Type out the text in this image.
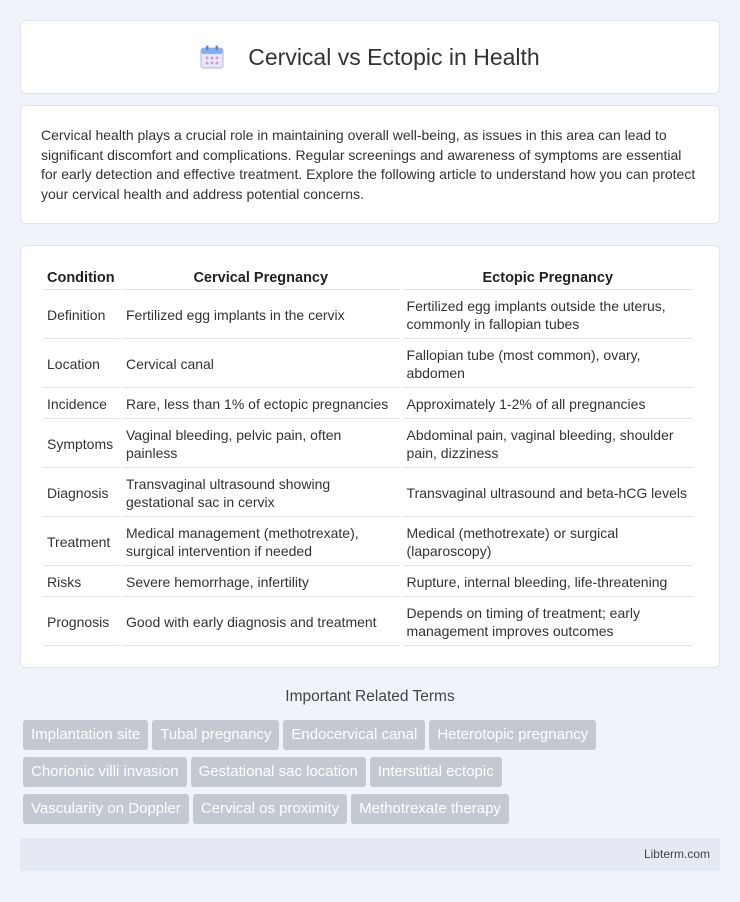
Cervical vs Ectopic in Health

Cervical health plays a crucial role in maintaining overall well-being, as issues in this area can lead to significant discomfort and complications. Regular screenings and awareness of symptoms are essential for early detection and effective treatment. Explore the following article to understand how you can protect your cervical health and address potential concerns.

Condition	Cervical Pregnancy	Ectopic Pregnancy
Definition	Fertilized egg implants in the cervix	Fertilized egg implants outside the uterus, commonly in fallopian tubes
Location	Cervical canal	Fallopian tube (most common), ovary, abdomen
Incidence	Rare, less than 1% of ectopic pregnancies	Approximately 1-2% of all pregnancies
Symptoms	Vaginal bleeding, pelvic pain, often painless	Abdominal pain, vaginal bleeding, shoulder pain, dizziness
Diagnosis	Transvaginal ultrasound showing gestational sac in cervix	Transvaginal ultrasound and beta-hCG levels
Treatment	Medical management (methotrexate), surgical intervention if needed	Medical (methotrexate) or surgical (laparoscopy)
Risks	Severe hemorrhage, infertility	Rupture, internal bleeding, life-threatening
Prognosis	Good with early diagnosis and treatment	Depends on timing of treatment; early management improves outcomes
Important Related Terms
Implantation site Tubal pregnancy Endocervical canal Heterotopic pregnancy
Chorionic villi invasion Gestational sac location Interstitial ectopic
Vascularity on Doppler Cervical os proximity Methotrexate therapy
Libterm.com
